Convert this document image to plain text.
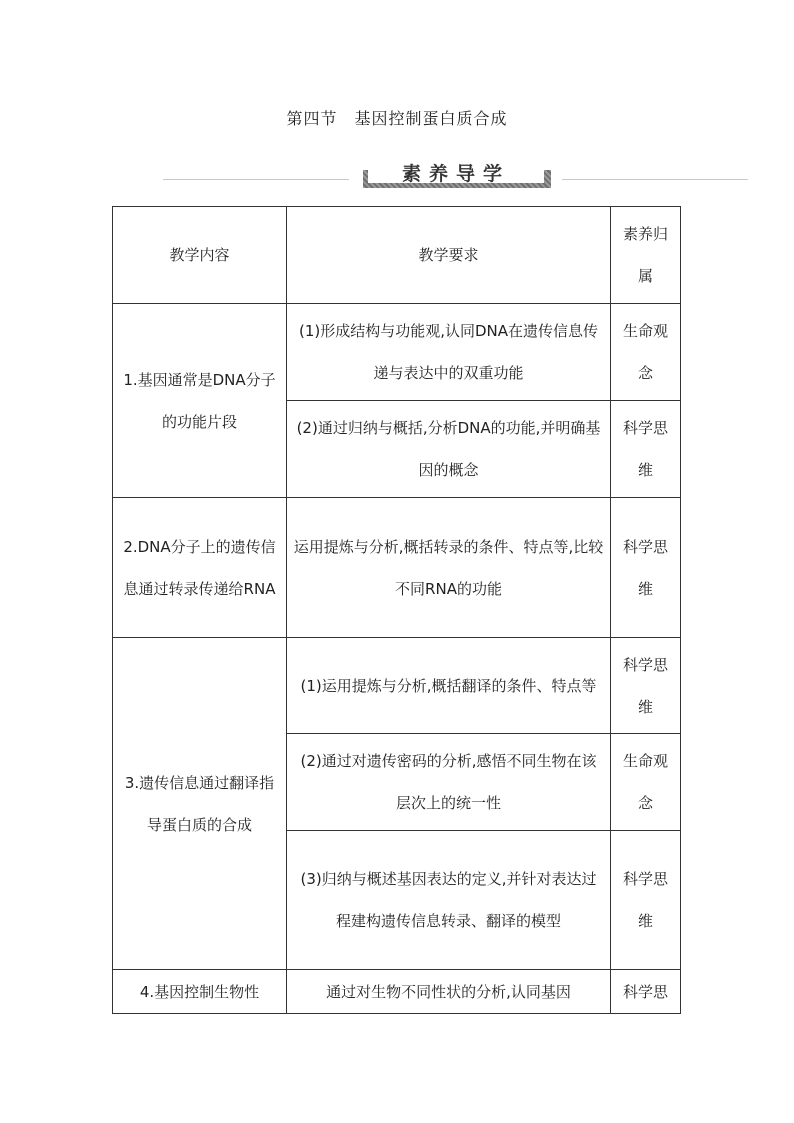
第四节　基因控制蛋白质合成
素养导学
教学内容	教学要求	素养归属
1.基因通常是DNA分子的功能片段	(1)形成结构与功能观,认同DNA在遗传信息传递与表达中的双重功能	生命观念
	(2)通过归纳与概括,分析DNA的功能,并明确基因的概念	科学思维
2.DNA分子上的遗传信息通过转录传递给RNA	运用提炼与分析,概括转录的条件、特点等,比较不同RNA的功能	科学思维
3.遗传信息通过翻译指导蛋白质的合成	(1)运用提炼与分析,概括翻译的条件、特点等	科学思维
	(2)通过对遗传密码的分析,感悟不同生物在该层次上的统一性	生命观念
	(3)归纳与概述基因表达的定义,并针对表达过程建构遗传信息转录、翻译的模型	科学思维
4.基因控制生物性	通过对生物不同性状的分析,认同基因	科学思
